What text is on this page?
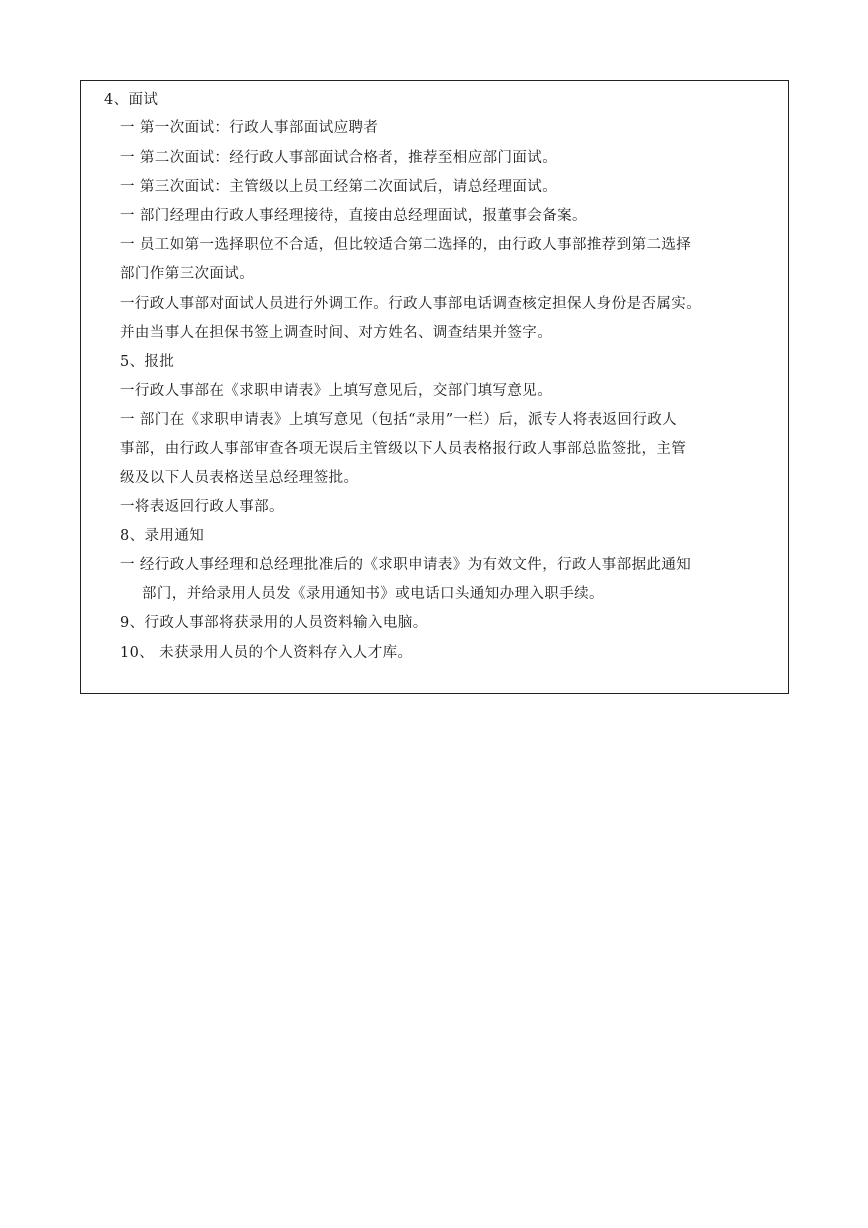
4、面试
一 第一次面试：行政人事部面试应聘者
一 第二次面试：经行政人事部面试合格者，推荐至相应部门面试。
一 第三次面试：主管级以上员工经第二次面试后，请总经理面试。
一 部门经理由行政人事经理接待，直接由总经理面试，报董事会备案。
一 员工如第一选择职位不合适，但比较适合第二选择的，由行政人事部推荐到第二选择
部门作第三次面试。
一行政人事部对面试人员进行外调工作。行政人事部电话调查核定担保人身份是否属实。
并由当事人在担保书签上调查时间、对方姓名、调查结果并签字。
5、报批
一行政人事部在《求职申请表》上填写意见后，交部门填写意见。
一 部门在《求职申请表》上填写意见（包括“录用”一栏）后，派专人将表返回行政人
事部，由行政人事部审查各项无误后主管级以下人员表格报行政人事部总监签批，主管
级及以下人员表格送呈总经理签批。
一将表返回行政人事部。
8、录用通知
一 经行政人事经理和总经理批准后的《求职申请表》为有效文件，行政人事部据此通知
部门，并给录用人员发《录用通知书》或电话口头通知办理入职手续。
9、行政人事部将获录用的人员资料输入电脑。
10、 未获录用人员的个人资料存入人才库。
